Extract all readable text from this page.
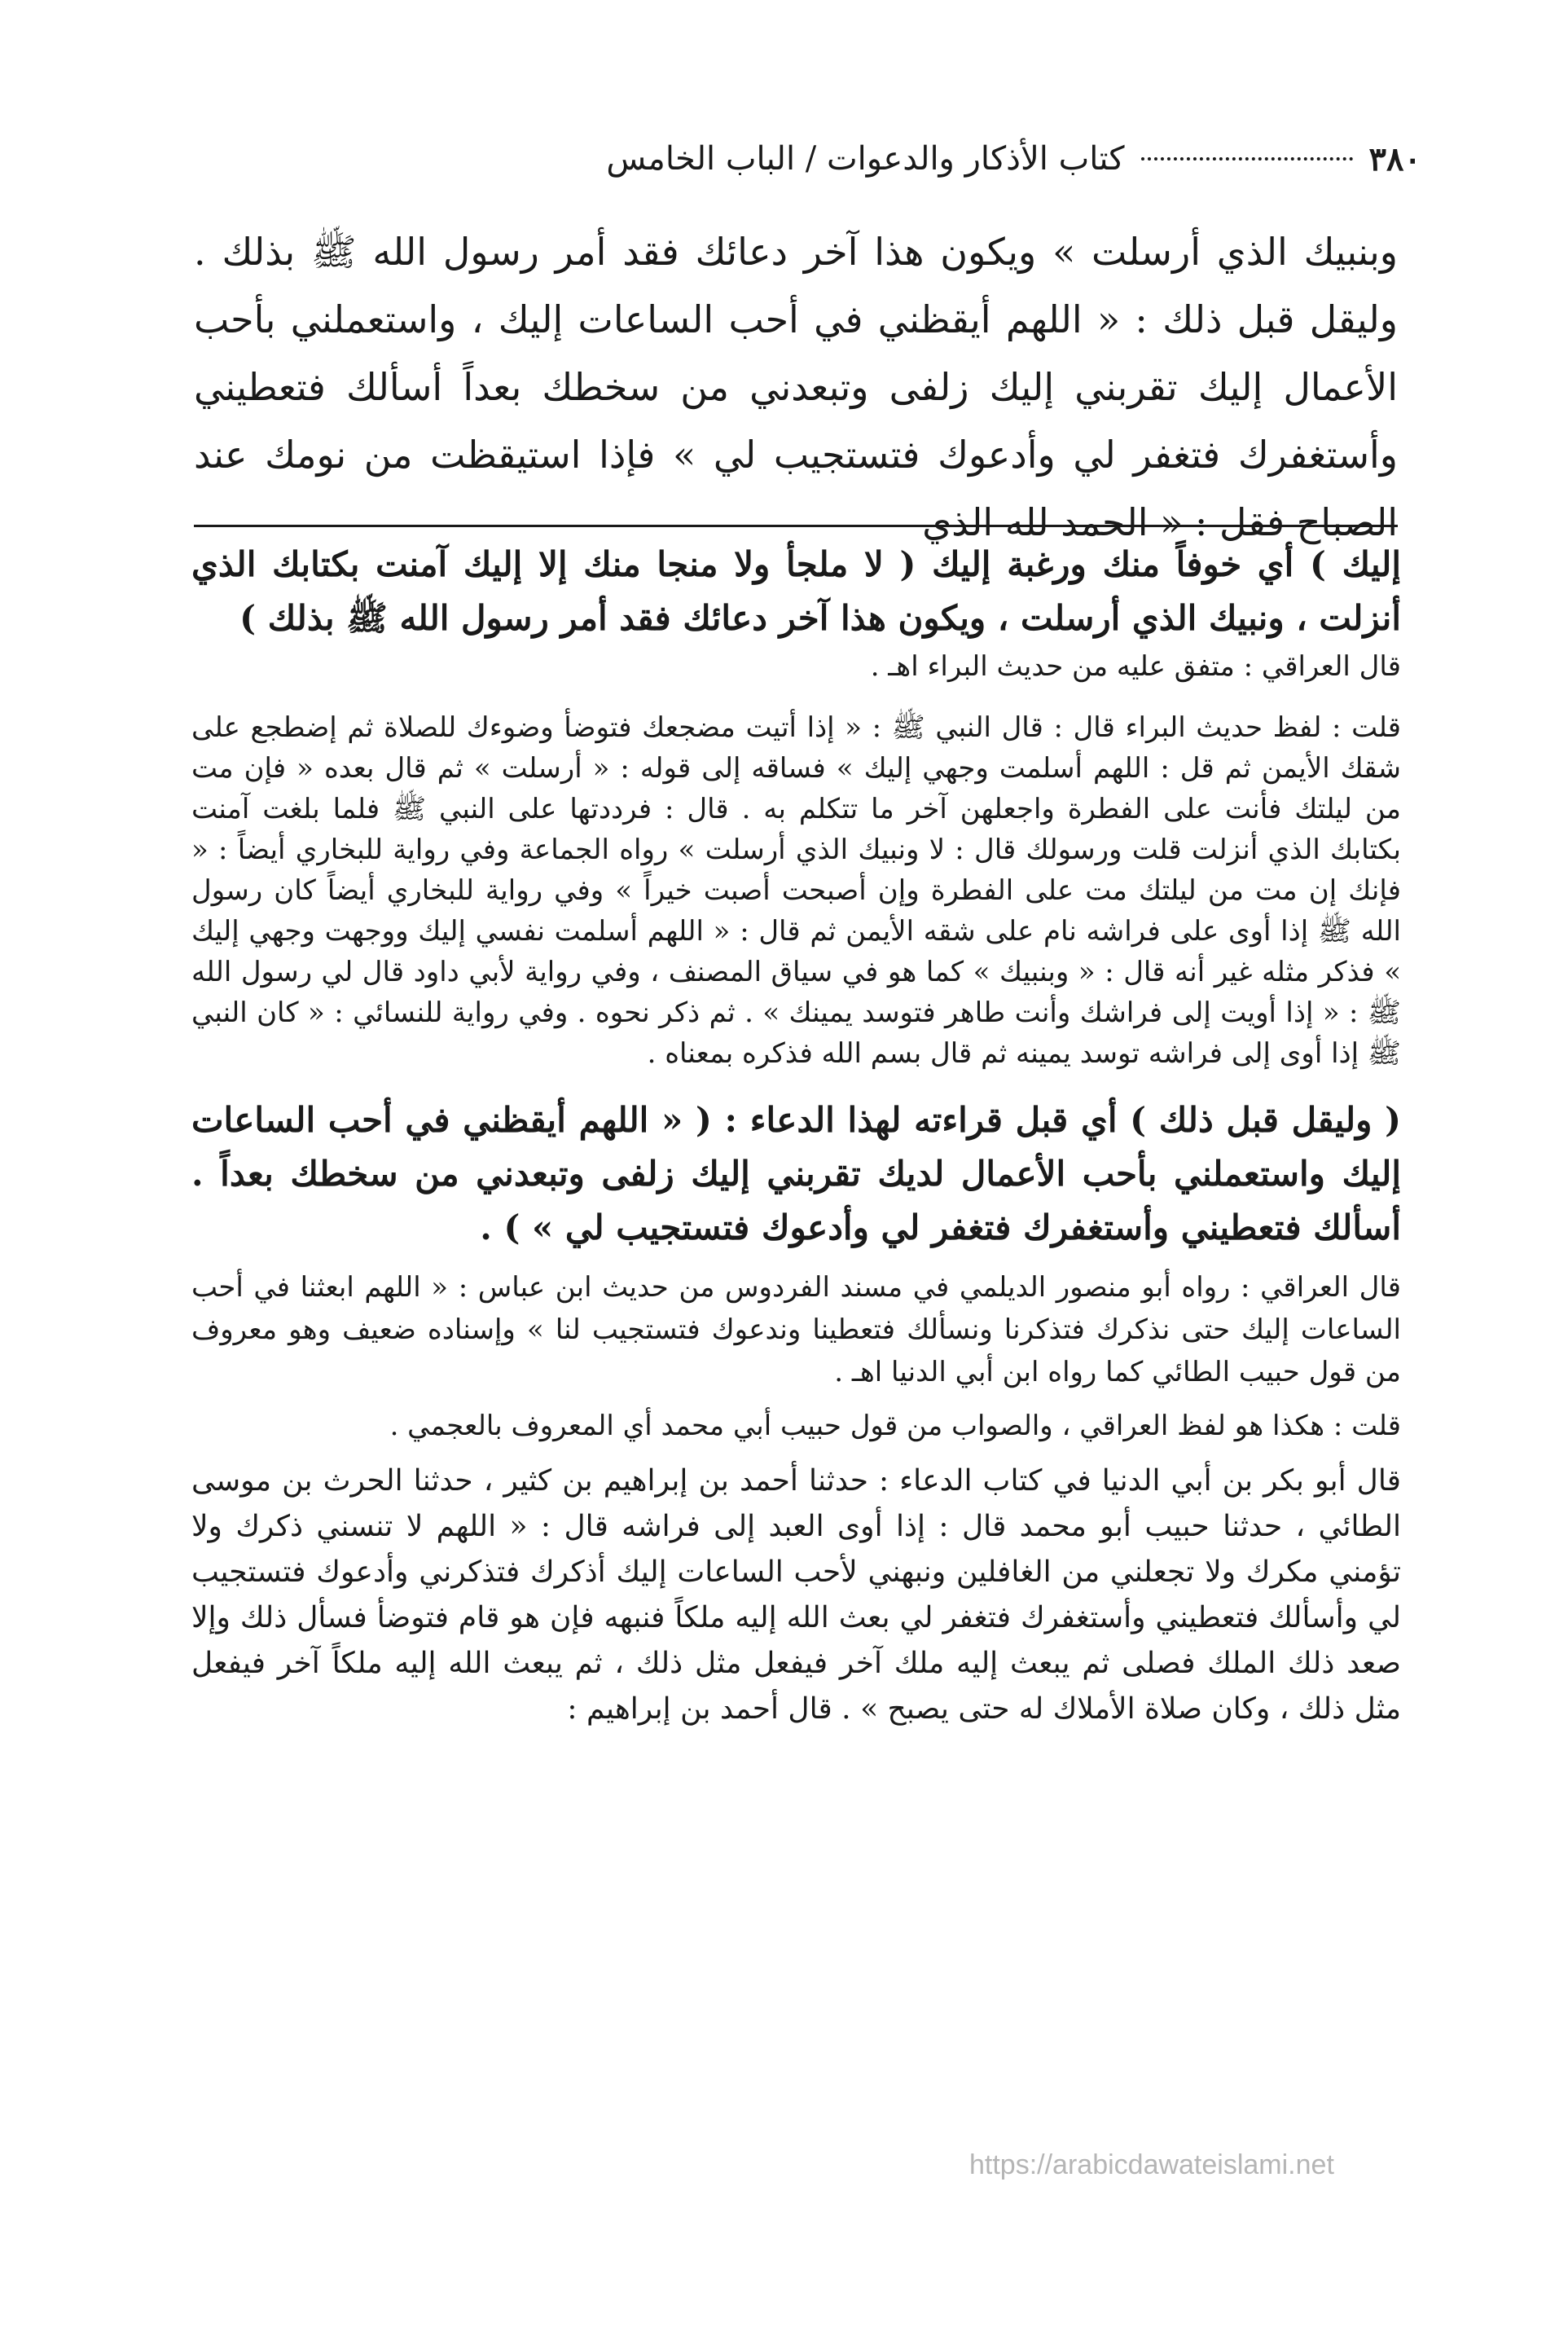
٣٨٠
كتاب الأذكار والدعوات / الباب الخامس

وبنبيك الذي أرسلت » ويكون هذا آخر دعائك فقد أمر رسول الله ﷺ بذلك . وليقل قبل ذلك : « اللهم أيقظني في أحب الساعات إليك ، واستعملني بأحب الأعمال إليك تقربني إليك زلفى وتبعدني من سخطك بعداً أسألك فتعطيني وأستغفرك فتغفر لي وأدعوك فتستجيب لي » فإذا استيقظت من نومك عند الصباح فقل : « الحمد لله الذي

إليك ) أي خوفاً منك ورغبة إليك ( لا ملجأ ولا منجا منك إلا إليك آمنت بكتابك الذي أنزلت ، ونبيك الذي أرسلت ، ويكون هذا آخر دعائك فقد أمر رسول الله ﷺ بذلك )

قال العراقي : متفق عليه من حديث البراء اهـ .

قلت : لفظ حديث البراء قال : قال النبي ﷺ : « إذا أتيت مضجعك فتوضأ وضوءك للصلاة ثم إضطجع على شقك الأيمن ثم قل : اللهم أسلمت وجهي إليك » فساقه إلى قوله : « أرسلت » ثم قال بعده « فإن مت من ليلتك فأنت على الفطرة واجعلهن آخر ما تتكلم به . قال : فرددتها على النبي ﷺ فلما بلغت آمنت بكتابك الذي أنزلت قلت ورسولك قال : لا ونبيك الذي أرسلت » رواه الجماعة وفي رواية للبخاري أيضاً : « فإنك إن مت من ليلتك مت على الفطرة وإن أصبحت أصبت خيراً » وفي رواية للبخاري أيضاً كان رسول الله ﷺ إذا أوى على فراشه نام على شقه الأيمن ثم قال : « اللهم أسلمت نفسي إليك ووجهت وجهي إليك » فذكر مثله غير أنه قال : « وبنبيك » كما هو في سياق المصنف ، وفي رواية لأبي داود قال لي رسول الله ﷺ : « إذا أويت إلى فراشك وأنت طاهر فتوسد يمينك » . ثم ذكر نحوه . وفي رواية للنسائي : « كان النبي ﷺ إذا أوى إلى فراشه توسد يمينه ثم قال بسم الله فذكره بمعناه .

( وليقل قبل ذلك ) أي قبل قراءته لهذا الدعاء : ( « اللهم أيقظني في أحب الساعات إليك واستعملني بأحب الأعمال لديك تقربني إليك زلفى وتبعدني من سخطك بعداً . أسألك فتعطيني وأستغفرك فتغفر لي وأدعوك فتستجيب لي » ) .

قال العراقي : رواه أبو منصور الديلمي في مسند الفردوس من حديث ابن عباس : « اللهم ابعثنا في أحب الساعات إليك حتى نذكرك فتذكرنا ونسألك فتعطينا وندعوك فتستجيب لنا » وإسناده ضعيف وهو معروف من قول حبيب الطائي كما رواه ابن أبي الدنيا اهـ .

قلت : هكذا هو لفظ العراقي ، والصواب من قول حبيب أبي محمد أي المعروف بالعجمي .

قال أبو بكر بن أبي الدنيا في كتاب الدعاء : حدثنا أحمد بن إبراهيم بن كثير ، حدثنا الحرث بن موسى الطائي ، حدثنا حبيب أبو محمد قال : إذا أوى العبد إلى فراشه قال : « اللهم لا تنسني ذكرك ولا تؤمني مكرك ولا تجعلني من الغافلين ونبهني لأحب الساعات إليك أذكرك فتذكرني وأدعوك فتستجيب لي وأسألك فتعطيني وأستغفرك فتغفر لي بعث الله إليه ملكاً فنبهه فإن هو قام فتوضأ فسأل ذلك وإلا صعد ذلك الملك فصلى ثم يبعث إليه ملك آخر فيفعل مثل ذلك ، ثم يبعث الله إليه ملكاً آخر فيفعل مثل ذلك ، وكان صلاة الأملاك له حتى يصبح » . قال أحمد بن إبراهيم :

https://arabicdawateislami.net
